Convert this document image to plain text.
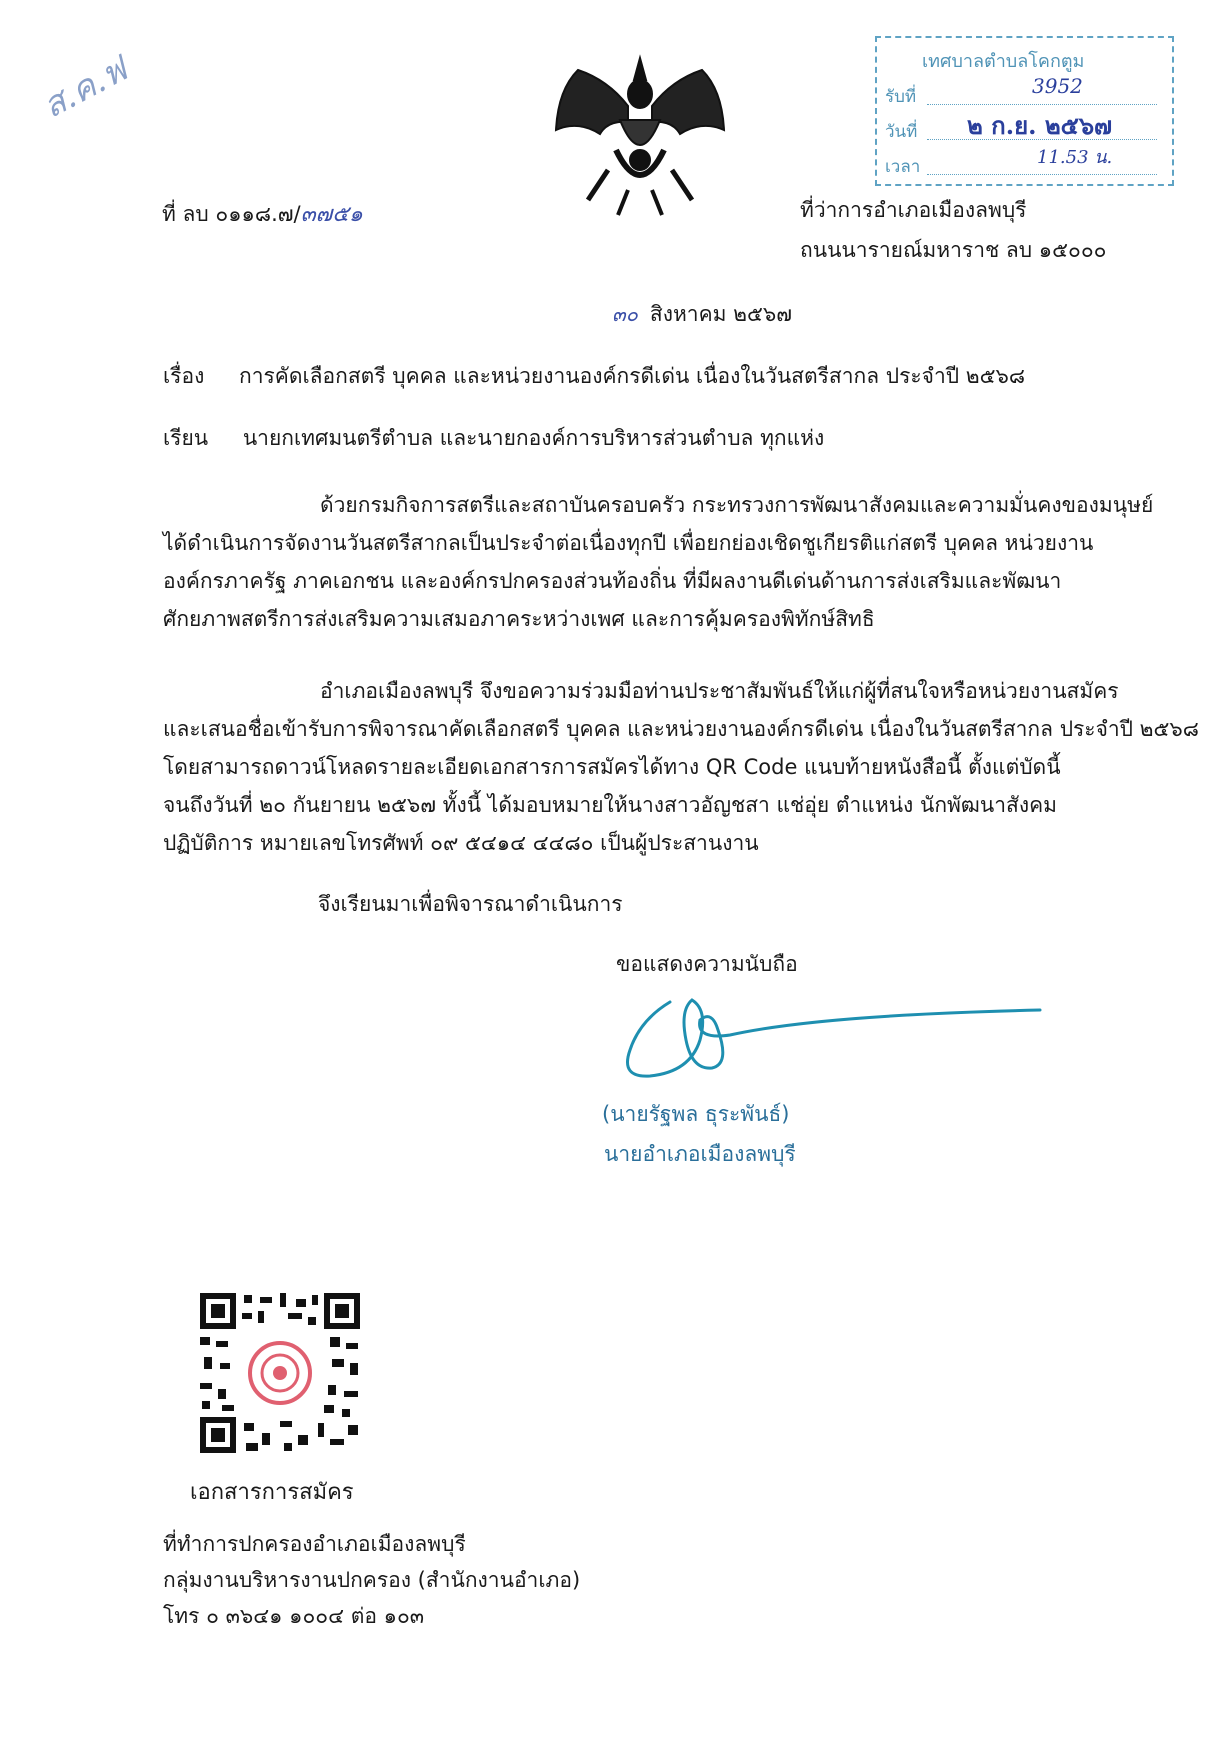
ส.ค.ฟ	เทศบาลตำบลโคกตูม
รับที่	3952
วันที่ ๒ ก.ย. ๒๕๖๗
เวลา	11.53 น.
ที่ ลบ ๐๑๑๘.๗/๓๗๕๑	ที่ว่าการอำเภอเมืองลพบุรี
ถนนนารายณ์มหาราช ลบ ๑๕๐๐๐
๓๐ สิงหาคม ๒๕๖๗
เรื่อง การคัดเลือกสตรี บุคคล และหน่วยงานองค์กรดีเด่น เนื่องในวันสตรีสากล ประจำปี ๒๕๖๘
เรียน นายกเทศมนตรีตำบล และนายกองค์การบริหารส่วนตำบล ทุกแห่ง
ด้วยกรมกิจการสตรีและสถาบันครอบครัว กระทรวงการพัฒนาสังคมและความมั่นคงของมนุษย์
ได้ดำเนินการจัดงานวันสตรีสากลเป็นประจำต่อเนื่องทุกปี เพื่อยกย่องเชิดชูเกียรติแก่สตรี บุคคล หน่วยงาน
องค์กรภาครัฐ ภาคเอกชน และองค์กรปกครองส่วนท้องถิ่น ที่มีผลงานดีเด่นด้านการส่งเสริมและพัฒนา
ศักยภาพสตรีการส่งเสริมความเสมอภาคระหว่างเพศ และการคุ้มครองพิทักษ์สิทธิ
อำเภอเมืองลพบุรี จึงขอความร่วมมือท่านประชาสัมพันธ์ให้แก่ผู้ที่สนใจหรือหน่วยงานสมัคร
และเสนอชื่อเข้ารับการพิจารณาคัดเลือกสตรี บุคคล และหน่วยงานองค์กรดีเด่น เนื่องในวันสตรีสากล ประจำปี ๒๕๖๘
โดยสามารถดาวน์โหลดรายละเอียดเอกสารการสมัครได้ทาง QR Code แนบท้ายหนังสือนี้ ตั้งแต่บัดนี้
จนถึงวันที่ ๒๐ กันยายน ๒๕๖๗ ทั้งนี้ ได้มอบหมายให้นางสาวอัญชสา แช่อุ่ย ตำแหน่ง นักพัฒนาสังคม
ปฏิบัติการ หมายเลขโทรศัพท์ ๐๙ ๕๔๑๔ ๔๔๘๐ เป็นผู้ประสานงาน
จึงเรียนมาเพื่อพิจารณาดำเนินการ
ขอแสดงความนับถือ
(นายรัฐพล ธุระพันธ์)
นายอำเภอเมืองลพบุรี
เอกสารการสมัคร
ที่ทำการปกครองอำเภอเมืองลพบุรี
กลุ่มงานบริหารงานปกครอง (สำนักงานอำเภอ)
โทร ๐ ๓๖๔๑ ๑๐๐๔ ต่อ ๑๐๓
